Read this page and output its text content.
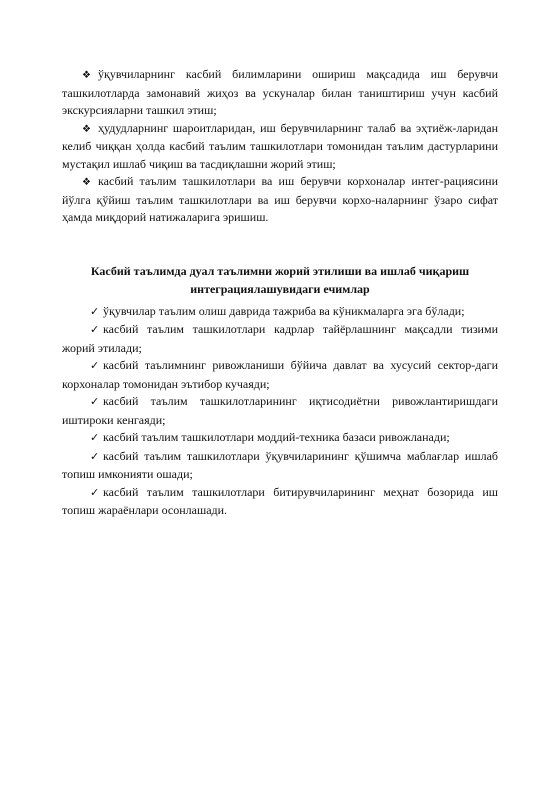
❖ ўқувчиларнинг касбий билимларини ошириш мақсадида иш берувчи ташкилотларда замонавий жиҳоз ва ускуналар билан таништириш учун касбий экскурсияларни ташкил этиш;

❖ ҳудудларнинг шароитларидан, иш берувчиларнинг талаб ва эҳтиёж-ларидан келиб чиққан ҳолда касбий таълим ташкилотлари томонидан таълим дастурларини мустақил ишлаб чиқиш ва тасдиқлашни жорий этиш;

❖ касбий таълим ташкилотлари ва иш берувчи корхоналар интег-рациясини йўлга қўйиш таълим ташкилотлари ва иш берувчи корхо-наларнинг ўзаро сифат ҳамда миқдорий натижаларига эришиш.

Касбий таълимда дуал таълимни жорий этилиши ва ишлаб чиқариш интеграциялашувидаги ечимлар

✓ ўқувчилар таълим олиш даврида тажриба ва кўникмаларга эга бўлади;

✓ касбий таълим ташкилотлари кадрлар тайёрлашнинг мақсадли тизими жорий этилади;

✓ касбий таълимнинг ривожланиши бўйича давлат ва хусусий сектор-даги корхоналар томонидан эътибор кучаяди;

✓ касбий таълим ташкилотларининг иқтисодиётни ривожлантиришдаги иштироки кенгаяди;

✓ касбий таълим ташкилотлари моддий-техника базаси ривожланади;

✓ касбий таълим ташкилотлари ўқувчиларининг қўшимча маблағлар ишлаб топиш имконияти ошади;

✓ касбий таълим ташкилотлари битирувчиларининг меҳнат бозорида иш топиш жараёнлари осонлашади.
